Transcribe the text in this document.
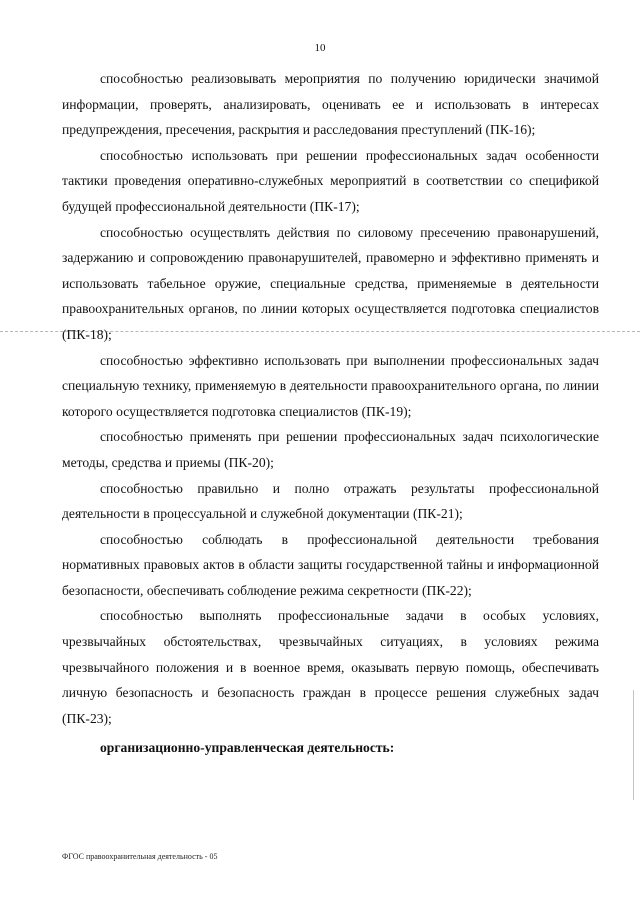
10

способностью реализовывать мероприятия по получению юридически значимой информации, проверять, анализировать, оценивать ее и использовать в интересах предупреждения, пресечения, раскрытия и расследования преступлений (ПК-16);

способностью использовать при решении профессиональных задач особенности тактики проведения оперативно-служебных мероприятий в соответствии со спецификой будущей профессиональной деятельности (ПК-17);

способностью осуществлять действия по силовому пресечению правонарушений, задержанию и сопровождению правонарушителей, правомерно и эффективно применять и использовать табельное оружие, специальные средства, применяемые в деятельности правоохранительных органов, по линии которых осуществляется подготовка специалистов (ПК-18);

способностью эффективно использовать при выполнении профессиональных задач специальную технику, применяемую в деятельности правоохранительного органа, по линии которого осуществляется подготовка специалистов (ПК-19);

способностью применять при решении профессиональных задач психологические методы, средства и приемы (ПК-20);

способностью правильно и полно отражать результаты профессиональной деятельности в процессуальной и служебной документации (ПК-21);

способностью соблюдать в профессиональной деятельности требования нормативных правовых актов в области защиты государственной тайны и информационной безопасности, обеспечивать соблюдение режима секретности (ПК-22);

способностью выполнять профессиональные задачи в особых условиях, чрезвычайных обстоятельствах, чрезвычайных ситуациях, в условиях режима чрезвычайного положения и в военное время, оказывать первую помощь, обеспечивать личную безопасность и безопасность граждан в процессе решения служебных задач (ПК-23);

организационно-управленческая деятельность:

ФГОС правоохранительная деятельность - 05
